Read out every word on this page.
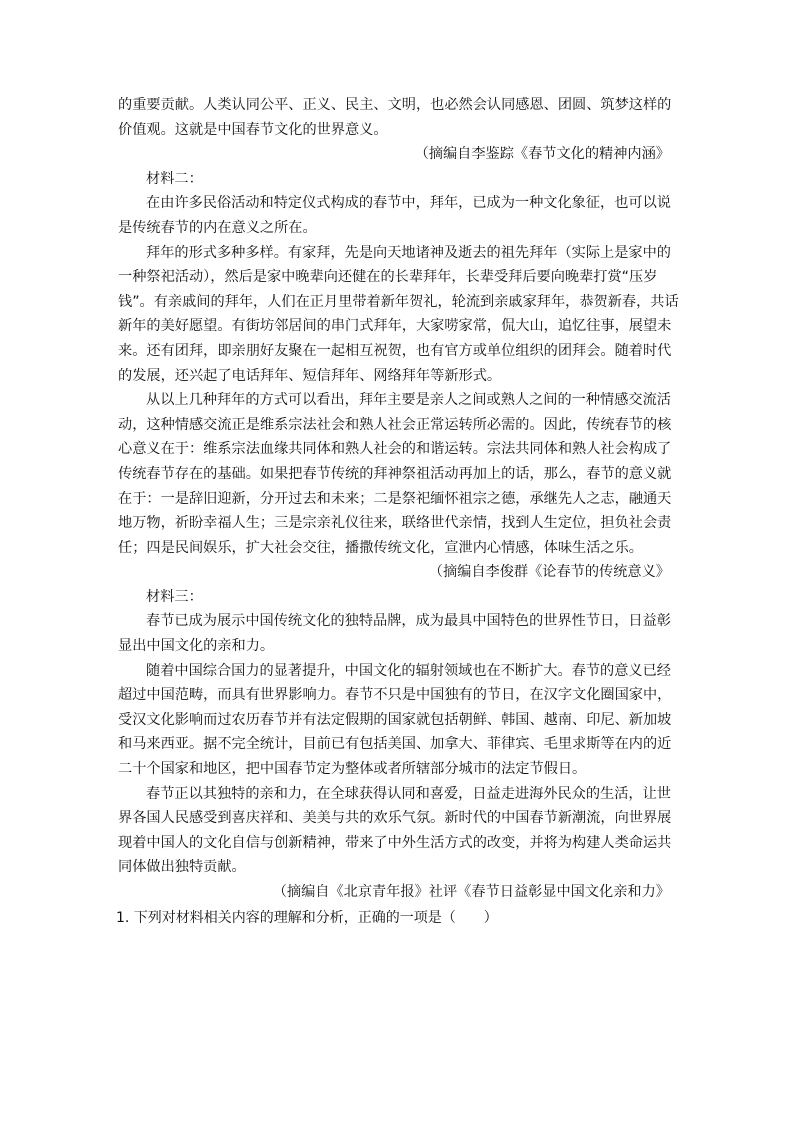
的重要贡献。人类认同公平、正义、民主、文明，也必然会认同感恩、团圆、筑梦这样的
价值观。这就是中国春节文化的世界意义。
（摘编自李鉴踪《春节文化的精神内涵》
材料二：
在由许多民俗活动和特定仪式构成的春节中，拜年，已成为一种文化象征，也可以说
是传统春节的内在意义之所在。
拜年的形式多种多样。有家拜，先是向天地诸神及逝去的祖先拜年（实际上是家中的
一种祭祀活动），然后是家中晚辈向还健在的长辈拜年，长辈受拜后要向晚辈打赏“压岁
钱”。有亲戚间的拜年，人们在正月里带着新年贺礼，轮流到亲戚家拜年，恭贺新春，共话
新年的美好愿望。有街坊邻居间的串门式拜年，大家唠家常，侃大山，追忆往事，展望未
来。还有团拜，即亲朋好友聚在一起相互祝贺，也有官方或单位组织的团拜会。随着时代
的发展，还兴起了电话拜年、短信拜年、网络拜年等新形式。
从以上几种拜年的方式可以看出，拜年主要是亲人之间或熟人之间的一种情感交流活
动，这种情感交流正是维系宗法社会和熟人社会正常运转所必需的。因此，传统春节的核
心意义在于：维系宗法血缘共同体和熟人社会的和谐运转。宗法共同体和熟人社会构成了
传统春节存在的基础。如果把春节传统的拜神祭祖活动再加上的话，那么，春节的意义就
在于：一是辞旧迎新，分开过去和未来；二是祭祀缅怀祖宗之德，承继先人之志，融通天
地万物，祈盼幸福人生；三是宗亲礼仪往来，联络世代亲情，找到人生定位，担负社会责
任；四是民间娱乐，扩大社会交往，播撒传统文化，宣泄内心情感，体味生活之乐。
（摘编自李俊群《论春节的传统意义》
材料三：
春节已成为展示中国传统文化的独特品牌，成为最具中国特色的世界性节日，日益彰
显出中国文化的亲和力。
随着中国综合国力的显著提升，中国文化的辐射领域也在不断扩大。春节的意义已经
超过中国范畴，而具有世界影响力。春节不只是中国独有的节日，在汉字文化圈国家中，
受汉文化影响而过农历春节并有法定假期的国家就包括朝鲜、韩国、越南、印尼、新加坡
和马来西亚。据不完全统计，目前已有包括美国、加拿大、菲律宾、毛里求斯等在内的近
二十个国家和地区，把中国春节定为整体或者所辖部分城市的法定节假日。
春节正以其独特的亲和力，在全球获得认同和喜爱，日益走进海外民众的生活，让世
界各国人民感受到喜庆祥和、美美与共的欢乐气氛。新时代的中国春节新潮流，向世界展
现着中国人的文化自信与创新精神，带来了中外生活方式的改变，并将为构建人类命运共
同体做出独特贡献。
（摘编自《北京青年报》社评《春节日益彰显中国文化亲和力》
1. 下列对材料相关内容的理解和分析，正确的一项是（　　）
